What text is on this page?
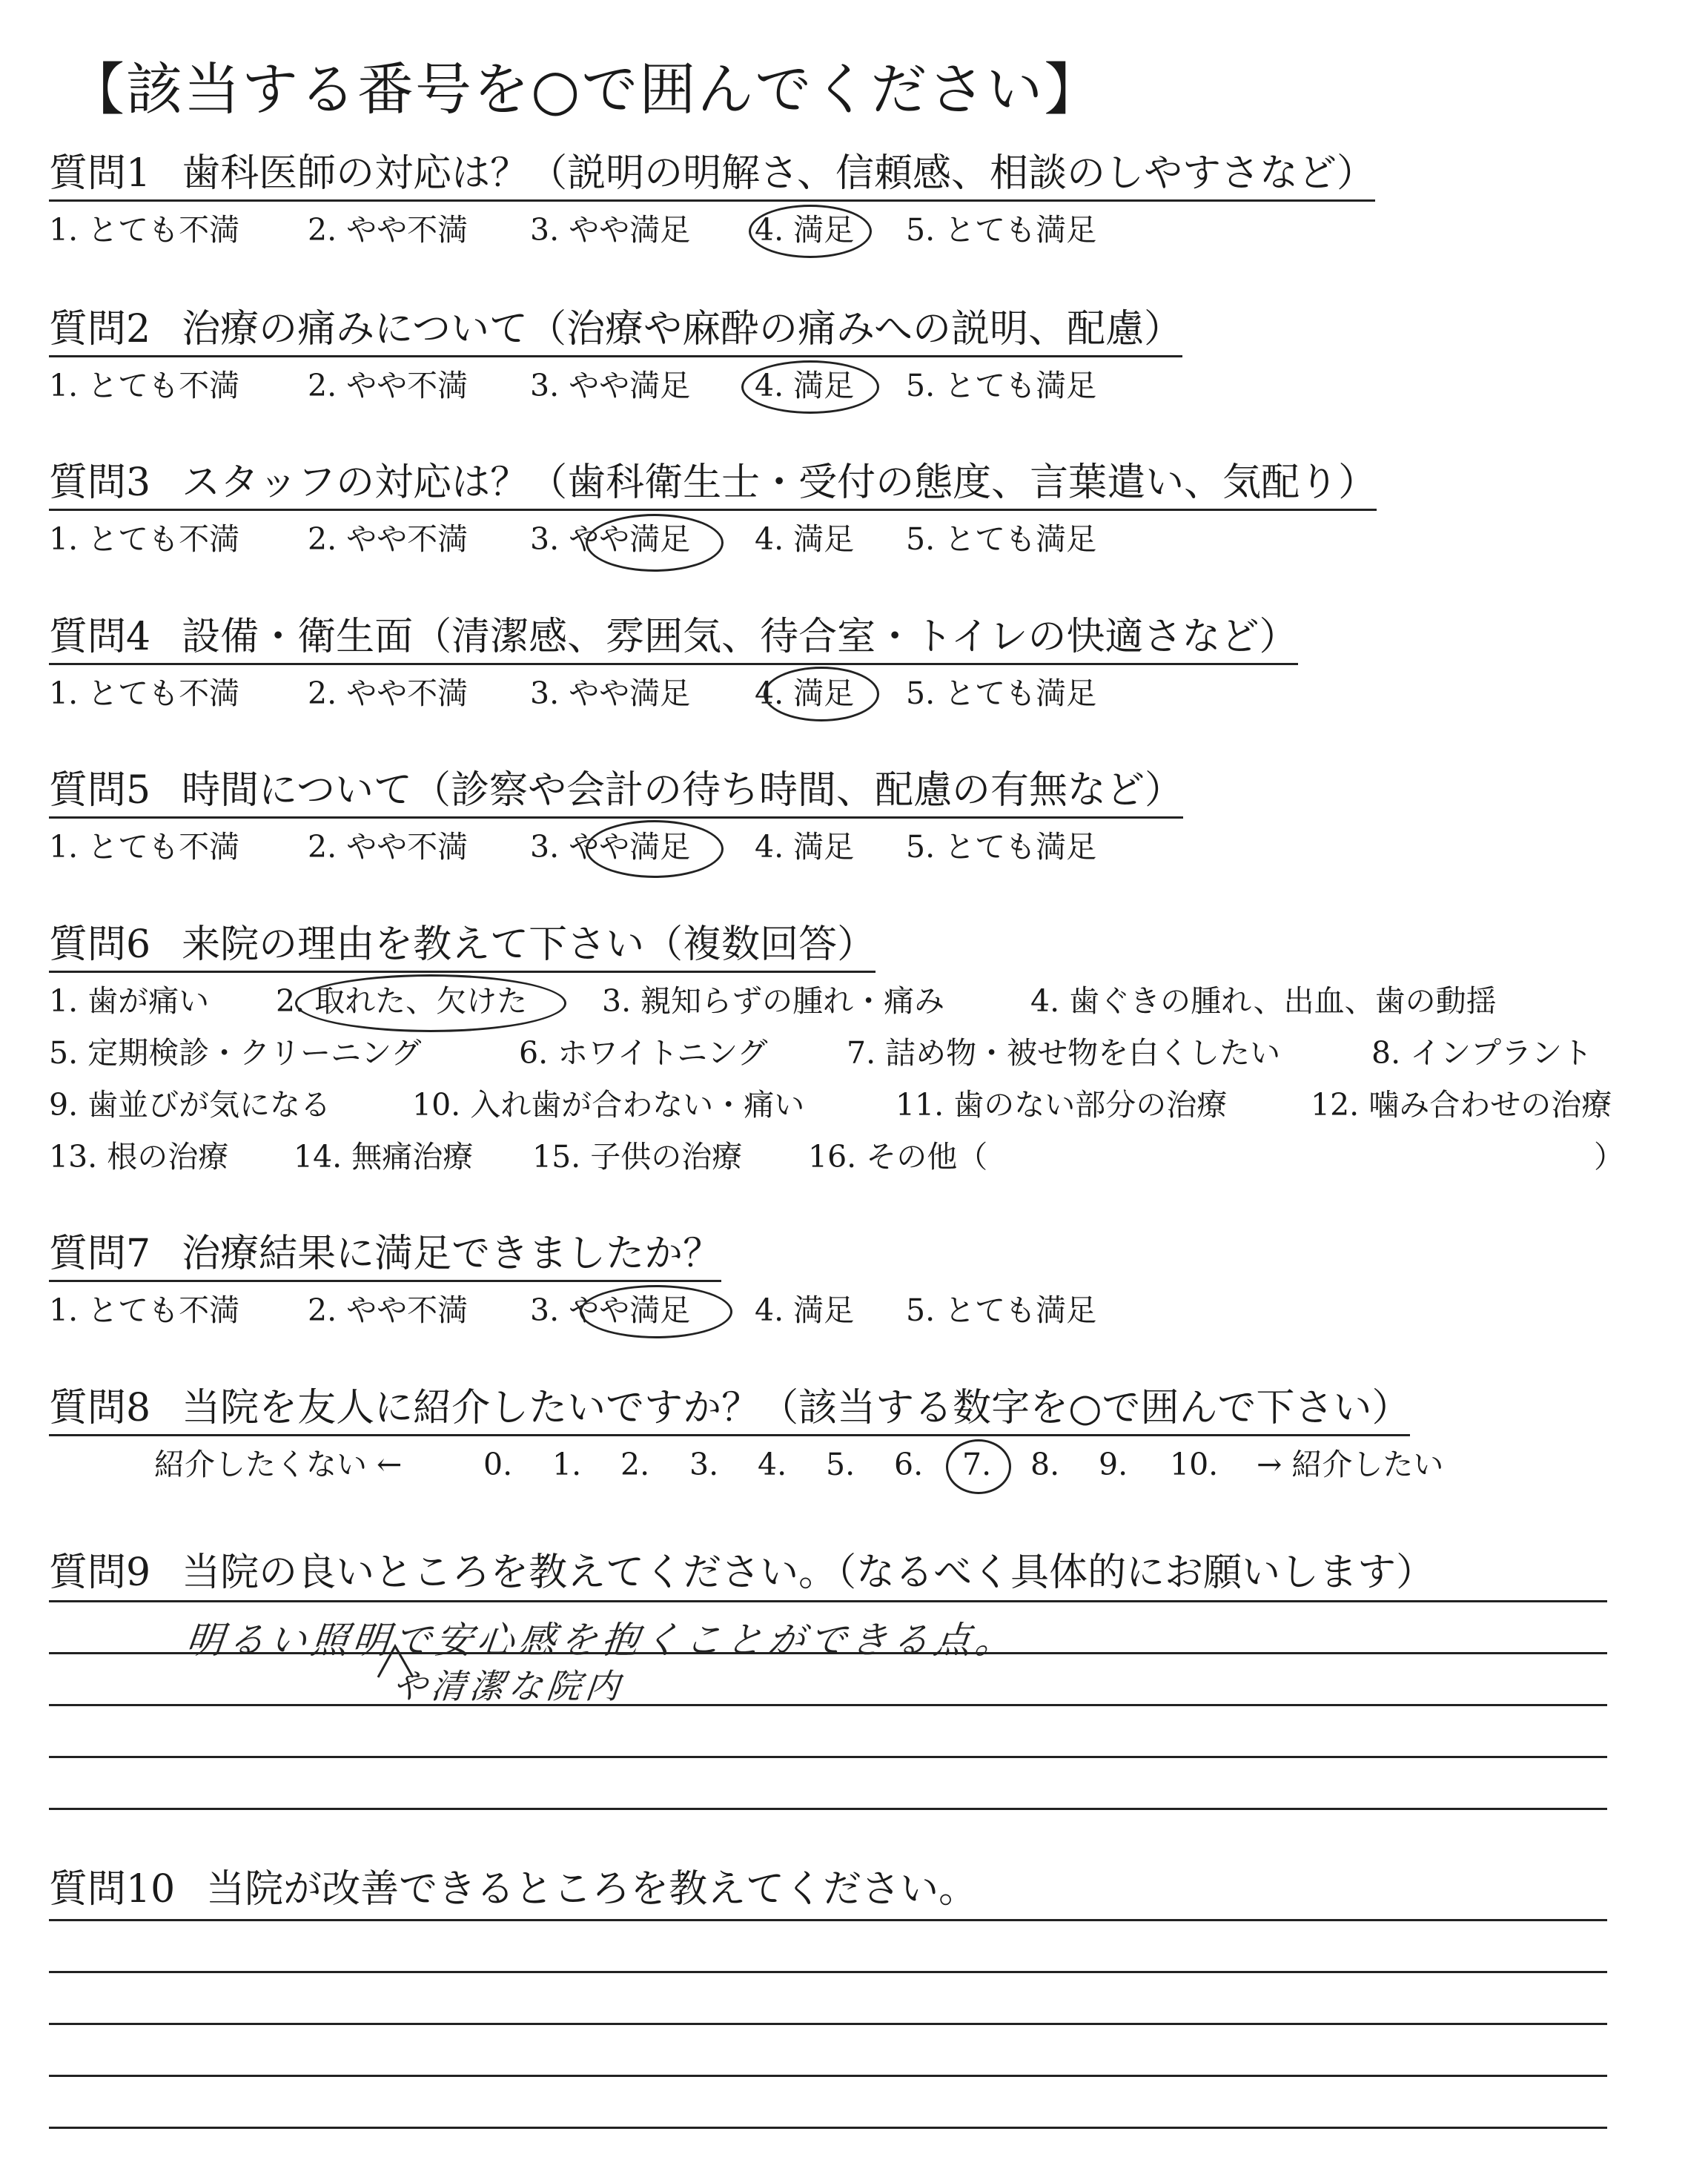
【該当する番号を○で囲んでください】
質問1 歯科医師の対応は？（説明の明解さ、信頼感、相談のしやすさなど）
1. とても不満 2. やや不満 3. やや満足 4. 満足 5. とても満足
質問2 治療の痛みについて（治療や麻酔の痛みへの説明、配慮）
1. とても不満 2. やや不満 3. やや満足 4. 満足 5. とても満足
質問3 スタッフの対応は？（歯科衛生士・受付の態度、言葉遣い、気配り）
1. とても不満 2. やや不満 3. やや満足 4. 満足 5. とても満足
質問4 設備・衛生面（清潔感、雰囲気、待合室・トイレの快適さなど）
1. とても不満 2. やや不満 3. やや満足 4. 満足 5. とても満足
質問5 時間について（診察や会計の待ち時間、配慮の有無など）
1. とても不満 2. やや不満 3. やや満足 4. 満足 5. とても満足
質問6 来院の理由を教えて下さい（複数回答）
1. 歯が痛い 2. 取れた、欠けた 3. 親知らずの腫れ・痛み	4. 歯ぐきの腫れ、出血、歯の動揺
5. 定期検診・クリーニング	6. ホワイトニング	7. 詰め物・被せ物を白くしたい	8. インプラント
9. 歯並びが気になる	10. 入れ歯が合わない・痛い	11. 歯のない部分の治療	12. 噛み合わせの治療
13. 根の治療 14. 無痛治療 15. 子供の治療 16. その他（	）
質問7 治療結果に満足できましたか？
1. とても不満 2. やや不満 3. やや満足 4. 満足 5. とても満足
質問8 当院を友人に紹介したいですか？（該当する数字を○で囲んで下さい）
紹介したくない ←	0. 1. 2. 3. 4. 5. 6. 7. 8. 9. 10. → 紹介したい
質問9 当院の良いところを教えてください。（なるべく具体的にお願いします）
明るい照明で安心感を抱くことができる点。
や清潔な院内
質問10 当院が改善できるところを教えてください。
